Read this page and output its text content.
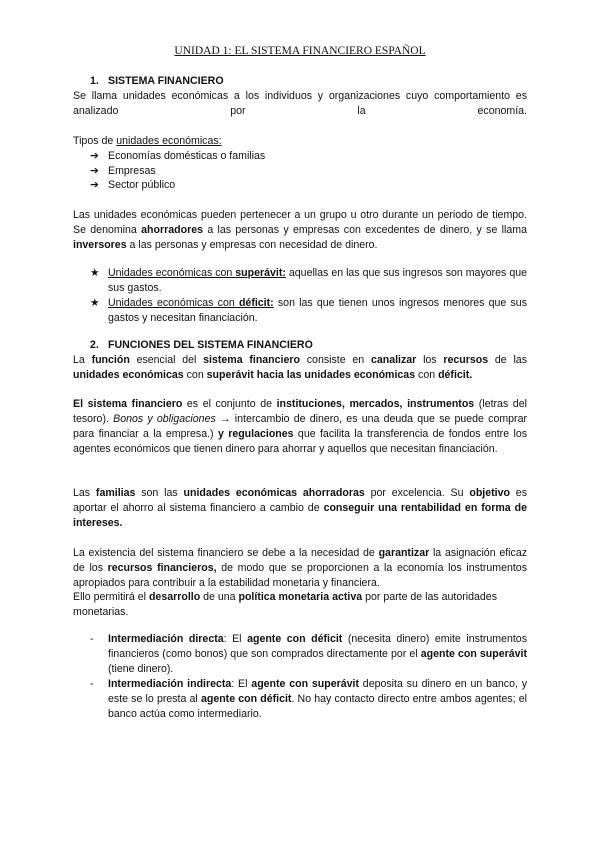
UNIDAD 1: EL SISTEMA FINANCIERO ESPAÑOL
1. SISTEMA FINANCIERO
Se llama unidades económicas a los individuos y organizaciones cuyo comportamiento es analizado por la economía.
Tipos de unidades económicas:
➔ Economías domésticas o familias
➔ Empresas
➔ Sector público
Las unidades económicas pueden pertenecer a un grupo u otro durante un periodo de tiempo. Se denomina ahorradores a las personas y empresas con excedentes de dinero, y se llama inversores a las personas y empresas con necesidad de dinero.
★ Unidades económicas con superávit: aquellas en las que sus ingresos son mayores que sus gastos.
★ Unidades económicas con déficit: son las que tienen unos ingresos menores que sus gastos y necesitan financiación.
2. FUNCIONES DEL SISTEMA FINANCIERO
La función esencial del sistema financiero consiste en canalizar los recursos de las unidades económicas con superávit hacia las unidades económicas con déficit.
El sistema financiero es el conjunto de instituciones, mercados, instrumentos (letras del tesoro). Bonos y obligaciones → intercambio de dinero, es una deuda que se puede comprar para financiar a la empresa.) y regulaciones que facilita la transferencia de fondos entre los agentes económicos que tienen dinero para ahorrar y aquellos que necesitan financiación.
Las familias son las unidades económicas ahorradoras por excelencia. Su objetivo es aportar el ahorro al sistema financiero a cambio de conseguir una rentabilidad en forma de intereses.
La existencia del sistema financiero se debe a la necesidad de garantizar la asignación eficaz de los recursos financieros, de modo que se proporcionen a la economía los instrumentos apropiados para contribuir a la estabilidad monetaria y financiera.
Ello permitirá el desarrollo de una política monetaria activa por parte de las autoridades monetarias.
- Intermediación directa: El agente con déficit (necesita dinero) emite instrumentos financieros (como bonos) que son comprados directamente por el agente con superávit (tiene dinero).
- Intermediación indirecta: El agente con superávit deposita su dinero en un banco, y este se lo presta al agente con déficit. No hay contacto directo entre ambos agentes; el banco actúa como intermediario.
